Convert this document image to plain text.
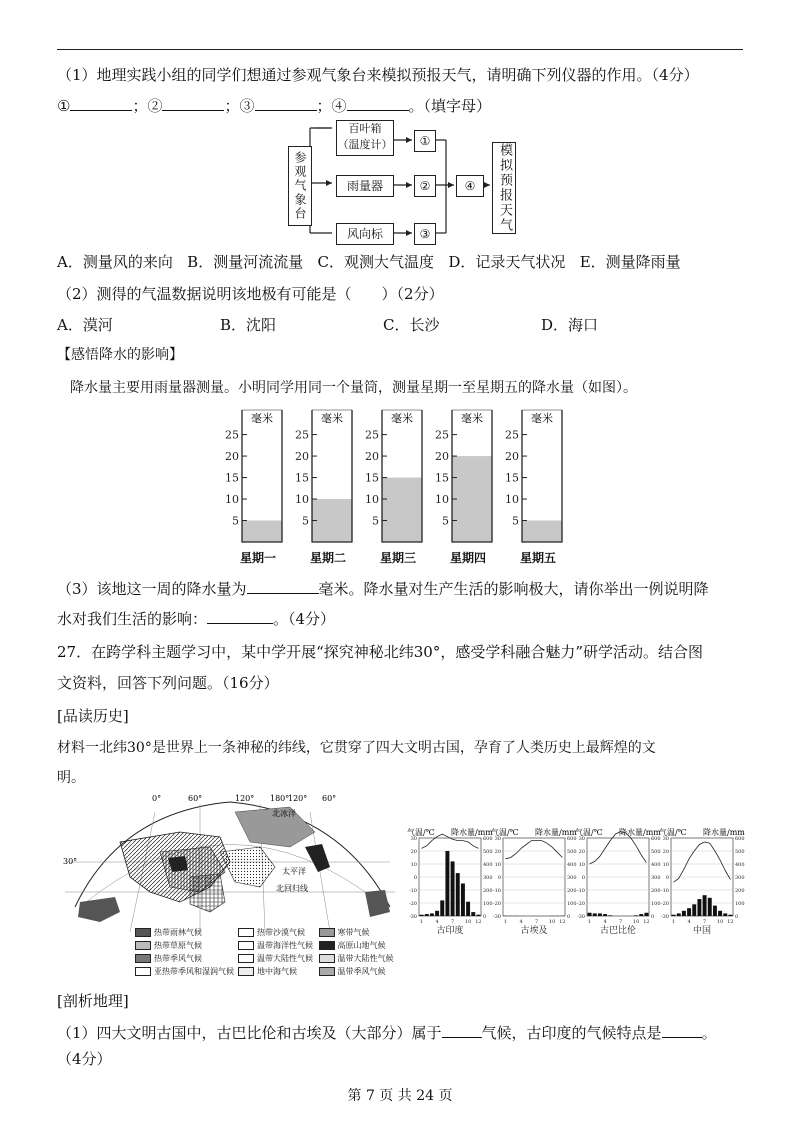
（1）地理实践小组的同学们想通过参观气象台来模拟预报天气，请明确下列仪器的作用。（4分）
①	；②	；③	；④	。（填字母）
参观气象台
百叶箱
（温度计）
雨量器
风向标
①
②
③
④	模拟预报天气
A．测量风的来向 B．测量河流流量 C．观测大气温度 D．记录天气状况 E．测量降雨量
（2）测得的气温数据说明该地极有可能是（　　）（2分）
A．漠河	B．沈阳	C．长沙	D．海口
【感悟降水的影响】
降水量主要用雨量器测量。小明同学用同一个量筒，测量星期一至星期五的降水量（如图）。
毫米
25
20
15
10
5
星期一
毫米
25
20
15
10
5
星期二
毫米
25
20
15
10
5
星期三
毫米
25
20
15
10
5
星期四
毫米
25
20
15
10
5
星期五
（3）该地这一周的降水量为	毫米。降水量对生产生活的影响极大，请你举出一例说明降
水对我们生活的影响：	。（4分）
27．在跨学科主题学习中，某中学开展“探究神秘北纬30°，感受学科融合魅力”研学活动。结合图
文资料，回答下列问题。（16分）
[品读历史]
材料一北纬30°是世界上一条神秘的纬线，它贯穿了四大文明古国，孕育了人类历史上最辉煌的文
明。
0°	60°	120° 180°
120° 60°
30°
北冰洋
太平洋
北回归线
热带雨林气候	热带沙漠气候	寒带气候
热带草原气候	温带海洋性气候	高原山地气候
热带季风气候	温带大陆性气候	温带大陆性气候
亚热带季风和湿润气候	地中海气候	温带季风气候
气温/℃ 降水量/mm
30
20
10
0
-10
-20
-30
600
500
400
300
200
100
0
1 4 7 10 12
古印度
气温/℃ 降水量/mm
30
20
10
0
-10
-20
-30
600
500
400
300
200
100
0
1 4 7 10 12
古埃及
气温/℃ 降水量/mm
30
20
10
0
-10
-20
-30
600
500
400
300
200
100
0
1 4 7 10 12
古巴比伦
气温/℃ 降水量/mm
30
20
10
0
-10
-20
-30
600
500
400
300
200
100
0
1 4 7 10 12
中国
[剖析地理]
（1）四大文明古国中，古巴比伦和古埃及（大部分）属于	气候，古印度的气候特点是	。
（4分）
第 7 页 共 24 页
